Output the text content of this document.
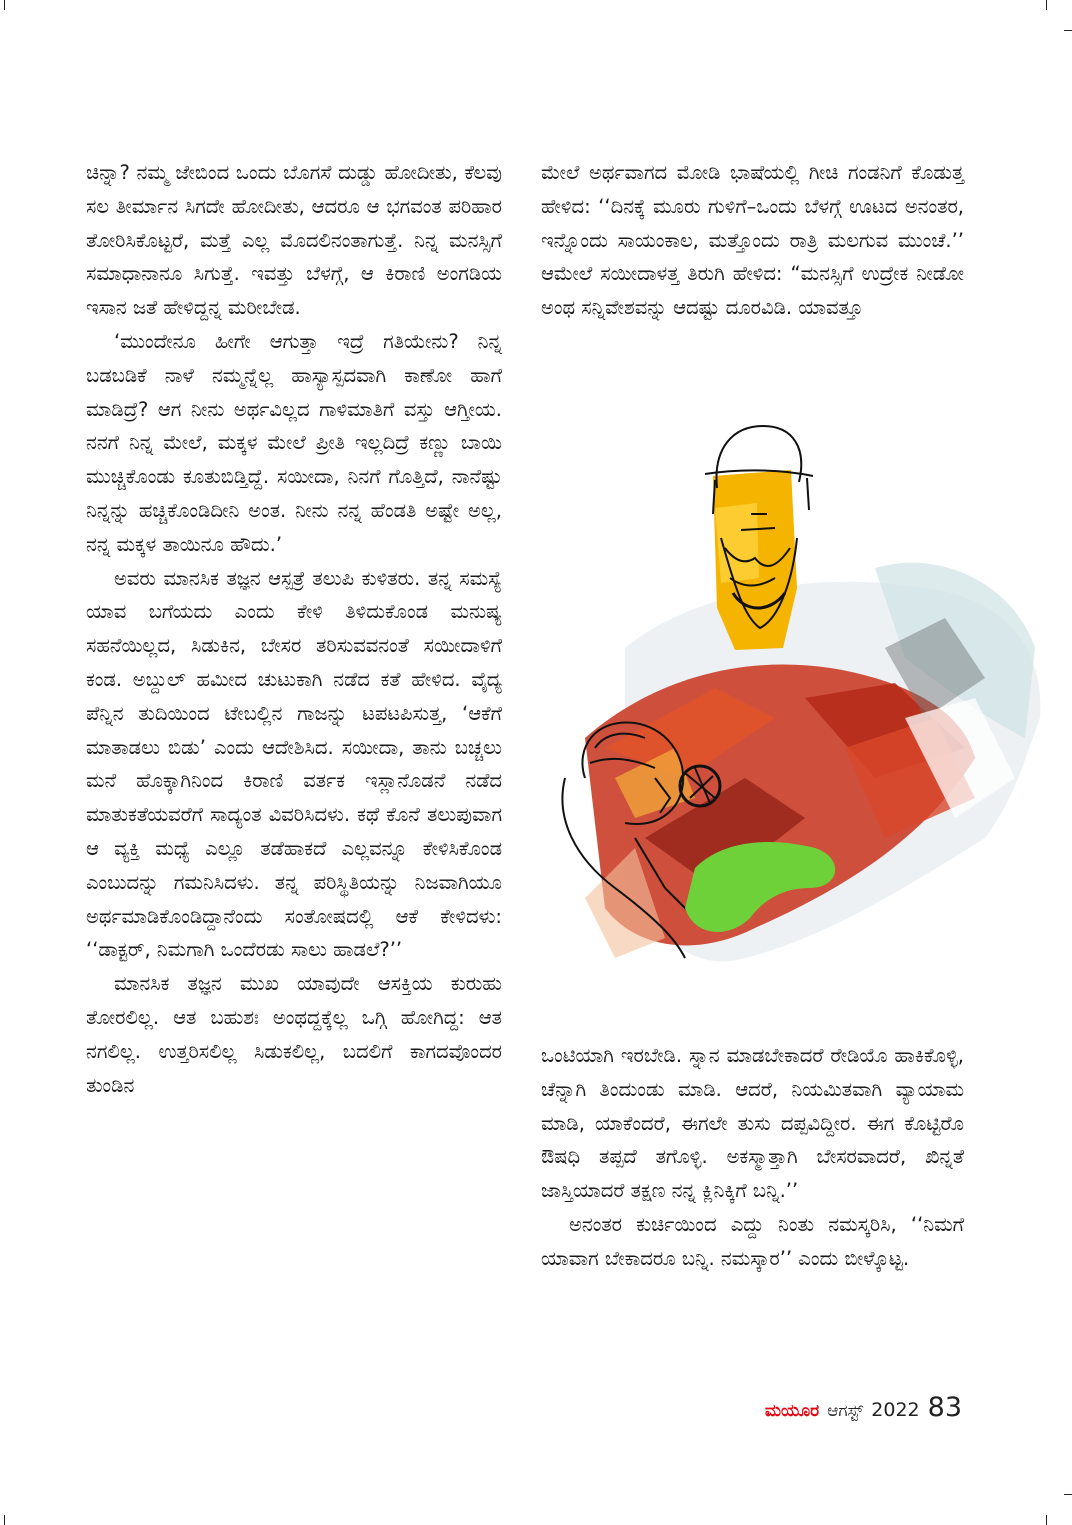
ಚಿನ್ನಾ? ನಮ್ಮ ಜೇಬಿಂದ ಒಂದು ಬೊಗಸೆ ದುಡ್ಡು ಹೋದೀತು, ಕೆಲವು ಸಲ ತೀರ್ಮಾನ ಸಿಗದೇ ಹೋದೀತು, ಆದರೂ ಆ ಭಗವಂತ ಪರಿಹಾರ ತೋರಿಸಿಕೊಟ್ಟರೆ, ಮತ್ತೆ ಎಲ್ಲ ಮೊದಲಿನಂತಾಗುತ್ತೆ. ನಿನ್ನ ಮನಸ್ಸಿಗೆ ಸಮಾಧಾನಾನೂ ಸಿಗುತ್ತೆ. ಇವತ್ತು ಬೆಳಗ್ಗೆ, ಆ ಕಿರಾಣಿ ಅಂಗಡಿಯ ಇಸಾನ ಜತೆ ಹೇಳಿದ್ದನ್ನ ಮರೀಬೇಡ.

‘ಮುಂದೇನೂ ಹೀಗೇ ಆಗುತ್ತಾ ಇದ್ರೆ ಗತಿಯೇನು? ನಿನ್ನ ಬಡಬಡಿಕೆ ನಾಳೆ ನಮ್ಮನ್ನೆಲ್ಲ ಹಾಸ್ಯಾಸ್ಪದವಾಗಿ ಕಾಣೋ ಹಾಗೆ ಮಾಡಿದ್ರೆ? ಆಗ ನೀನು ಅರ್ಥವಿಲ್ಲದ ಗಾಳಿಮಾತಿಗೆ ವಸ್ತು ಆಗ್ತೀಯ. ನನಗೆ ನಿನ್ನ ಮೇಲೆ, ಮಕ್ಕಳ ಮೇಲೆ ಪ್ರೀತಿ ಇಲ್ಲದಿದ್ರೆ ಕಣ್ಣು ಬಾಯಿ ಮುಚ್ಚಿಕೊಂಡು ಕೂತುಬಿಡ್ತಿದ್ದೆ. ಸಯೀದಾ, ನಿನಗೆ ಗೊತ್ತಿದೆ, ನಾನೆಷ್ಟು ನಿನ್ನನ್ನು ಹಚ್ಚಿಕೊಂಡಿದೀನಿ ಅಂತ. ನೀನು ನನ್ನ ಹೆಂಡತಿ ಅಷ್ಟೇ ಅಲ್ಲ, ನನ್ನ ಮಕ್ಕಳ ತಾಯಿನೂ ಹೌದು.’

ಅವರು ಮಾನಸಿಕ ತಜ್ಞನ ಆಸ್ಪತ್ರೆ ತಲುಪಿ ಕುಳಿತರು. ತನ್ನ ಸಮಸ್ಯೆ ಯಾವ ಬಗೆಯದು ಎಂದು ಕೇಳಿ ತಿಳಿದುಕೊಂಡ ಮನುಷ್ಯ ಸಹನೆಯಿಲ್ಲದ, ಸಿಡುಕಿನ, ಬೇಸರ ತರಿಸುವವನಂತೆ ಸಯೀದಾಳಿಗೆ ಕಂಡ. ಅಬ್ದುಲ್ ಹಮೀದ ಚುಟುಕಾಗಿ ನಡೆದ ಕತೆ ಹೇಳಿದ. ವೈದ್ಯ ಪೆನ್ನಿನ ತುದಿಯಿಂದ ಟೇಬಲ್ಲಿನ ಗಾಜನ್ನು ಟಪಟಪಿಸುತ್ತ, ‘ಆಕೆಗೆ ಮಾತಾಡಲು ಬಿಡು’ ಎಂದು ಆದೇಶಿಸಿದ. ಸಯೀದಾ, ತಾನು ಬಚ್ಚಲು ಮನೆ ಹೊಕ್ಕಾಗಿನಿಂದ ಕಿರಾಣಿ ವರ್ತಕ ಇಸ್ಲಾನೊಡನೆ ನಡೆದ ಮಾತುಕತೆಯವರೆಗೆ ಸಾದ್ಯಂತ ವಿವರಿಸಿದಳು. ಕಥೆ ಕೊನೆ ತಲುಪುವಾಗ ಆ ವ್ಯಕ್ತಿ ಮಧ್ಯೆ ಎಲ್ಲೂ ತಡೆಹಾಕದೆ ಎಲ್ಲವನ್ನೂ ಕೇಳಿಸಿಕೊಂಡ ಎಂಬುದನ್ನು ಗಮನಿಸಿದಳು. ತನ್ನ ಪರಿಸ್ಥಿತಿಯನ್ನು ನಿಜವಾಗಿಯೂ ಅರ್ಥಮಾಡಿಕೊಂಡಿದ್ದಾನೆಂದು ಸಂತೋಷದಲ್ಲಿ ಆಕೆ ಕೇಳಿದಳು: ‘‘ಡಾಕ್ಟರ್, ನಿಮಗಾಗಿ ಒಂದೆರಡು ಸಾಲು ಹಾಡಲೆ?’’

ಮಾನಸಿಕ ತಜ್ಞನ ಮುಖ ಯಾವುದೇ ಆಸಕ್ತಿಯ ಕುರುಹು ತೋರಲಿಲ್ಲ. ಆತ ಬಹುಶಃ ಅಂಥದ್ದಕ್ಕೆಲ್ಲ ಒಗ್ಗಿ ಹೋಗಿದ್ದ: ಆತ ನಗಲಿಲ್ಲ. ಉತ್ತರಿಸಲಿಲ್ಲ ಸಿಡುಕಲಿಲ್ಲ, ಬದಲಿಗೆ ಕಾಗದವೊಂದರ ತುಂಡಿನ

ಮೇಲೆ ಅರ್ಥವಾಗದ ಮೋಡಿ ಭಾಷೆಯಲ್ಲಿ ಗೀಚಿ ಗಂಡನಿಗೆ ಕೊಡುತ್ತ ಹೇಳಿದ: ‘‘ದಿನಕ್ಕೆ ಮೂರು ಗುಳಿಗೆ–ಒಂದು ಬೆಳಗ್ಗೆ ಊಟದ ಅನಂತರ, ಇನ್ನೊಂದು ಸಾಯಂಕಾಲ, ಮತ್ತೊಂದು ರಾತ್ರಿ ಮಲಗುವ ಮುಂಚೆ.’’ ಆಮೇಲೆ ಸಯೀದಾಳತ್ತ ತಿರುಗಿ ಹೇಳಿದ: “ಮನಸ್ಸಿಗೆ ಉದ್ರೇಕ ನೀಡೋ ಅಂಥ ಸನ್ನಿವೇಶವನ್ನು ಆದಷ್ಟು ದೂರವಿಡಿ. ಯಾವತ್ತೂ

ಒಂಟಿಯಾಗಿ ಇರಬೇಡಿ. ಸ್ನಾನ ಮಾಡಬೇಕಾದರೆ ರೇಡಿಯೊ ಹಾಕಿಕೊಳ್ಳಿ, ಚೆನ್ನಾಗಿ ತಿಂದುಂಡು ಮಾಡಿ. ಆದರೆ, ನಿಯಮಿತವಾಗಿ ವ್ಯಾಯಾಮ ಮಾಡಿ, ಯಾಕೆಂದರೆ, ಈಗಲೇ ತುಸು ದಪ್ಪವಿದ್ದೀರ. ಈಗ ಕೊಟ್ಟಿರೊ ಔಷಧಿ ತಪ್ಪದೆ ತಗೊಳ್ಳಿ. ಅಕಸ್ಮಾತ್ತಾಗಿ ಬೇಸರವಾದರೆ, ಖಿನ್ನತೆ ಜಾಸ್ತಿಯಾದರೆ ತಕ್ಷಣ ನನ್ನ ಕ್ಲಿನಿಕ್ಕಿಗೆ ಬನ್ನಿ.’’

ಅನಂತರ ಕುರ್ಚಿಯಿಂದ ಎದ್ದು ನಿಂತು ನಮಸ್ಕರಿಸಿ, ‘‘ನಿಮಗೆ ಯಾವಾಗ ಬೇಕಾದರೂ ಬನ್ನಿ. ನಮಸ್ಕಾರ’’ ಎಂದು ಬೀಳ್ಕೊಟ್ಟ.

ಮಯೂರ ಆಗಸ್ಟ್ 2022 83
